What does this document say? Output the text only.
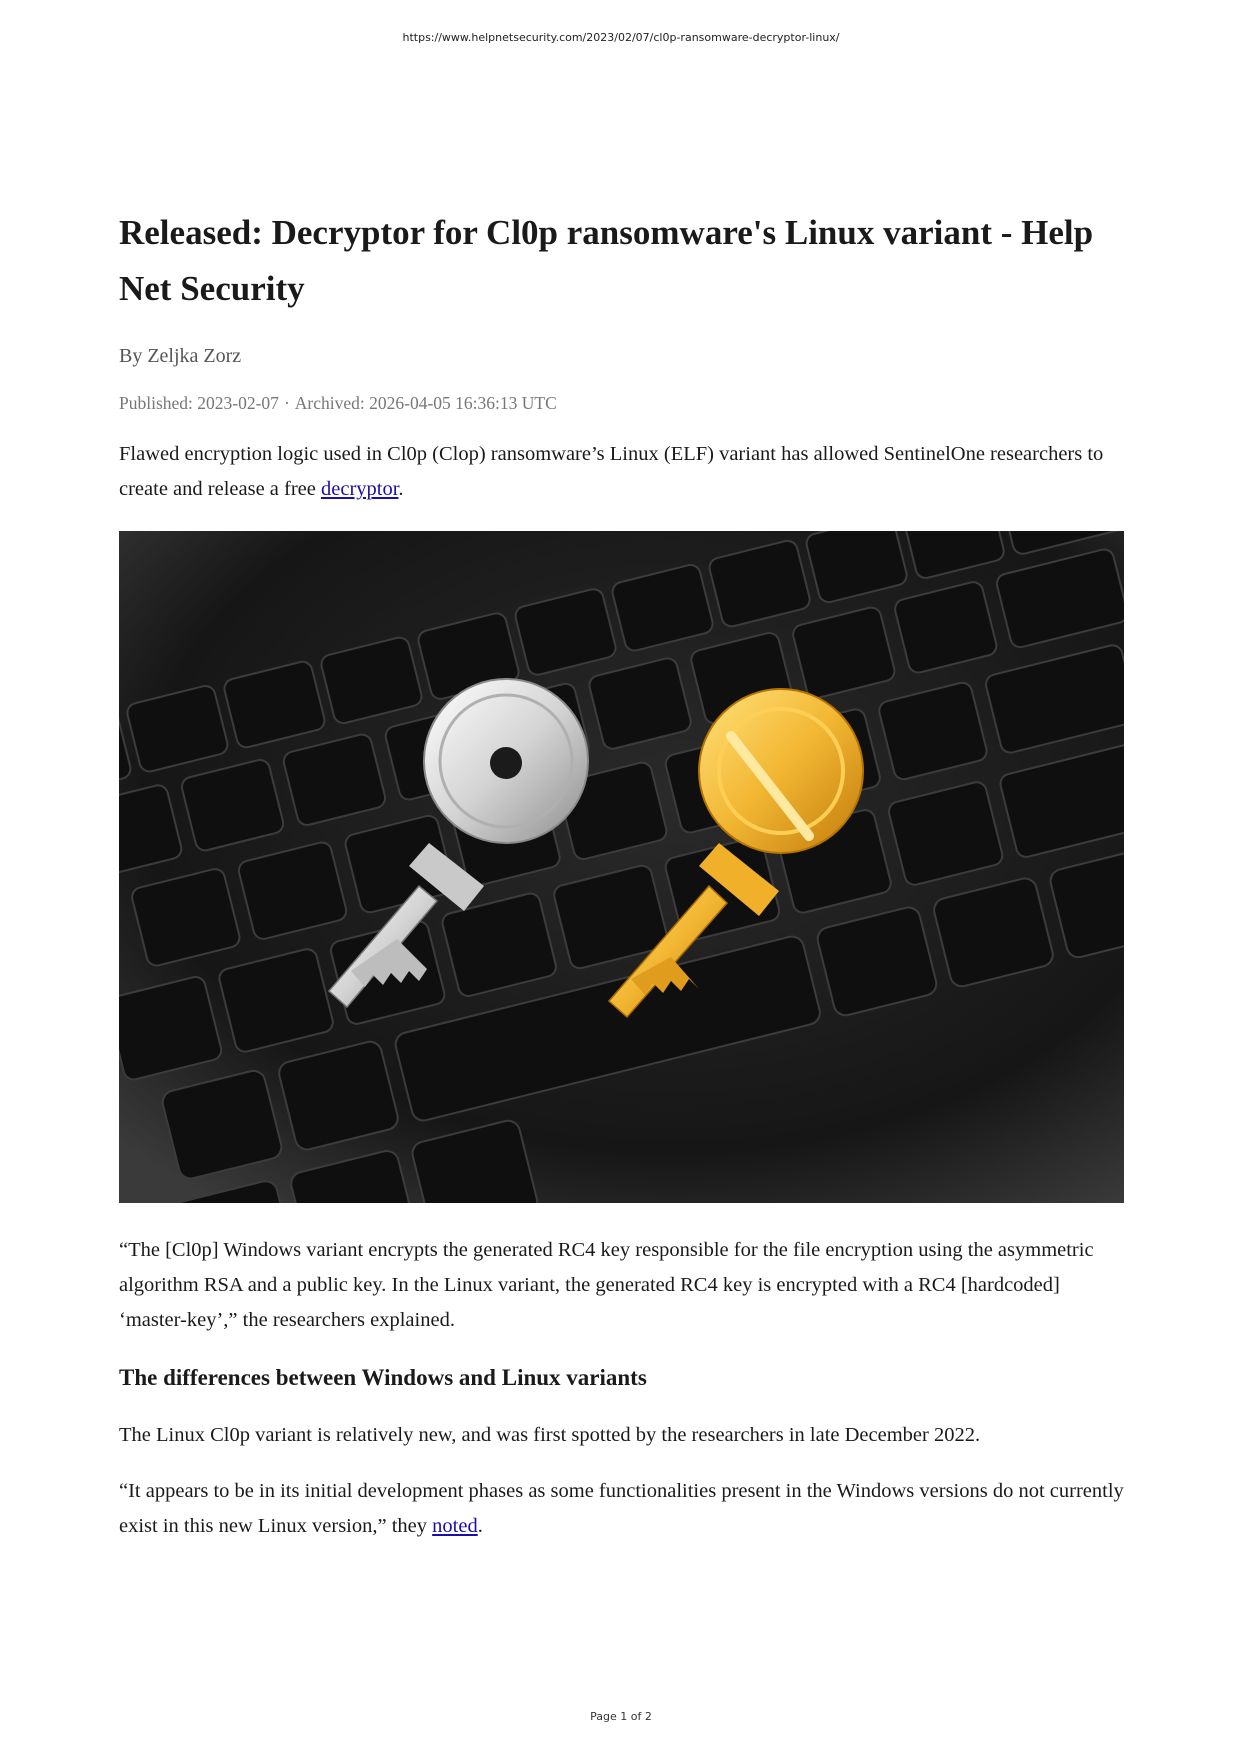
https://www.helpnetsecurity.com/2023/02/07/cl0p-ransomware-decryptor-linux/
Released: Decryptor for Cl0p ransomware's Linux variant - Help Net Security
By Zeljka Zorz
Published: 2023-02-07 · Archived: 2026-04-05 16:36:13 UTC

Flawed encryption logic used in Cl0p (Clop) ransomware’s Linux (ELF) variant has allowed SentinelOne researchers to create and release a free decryptor.

“The [Cl0p] Windows variant encrypts the generated RC4 key responsible for the file encryption using the asymmetric algorithm RSA and a public key. In the Linux variant, the generated RC4 key is encrypted with a RC4 [hardcoded] ‘master-key’,” the researchers explained.

The differences between Windows and Linux variants

The Linux Cl0p variant is relatively new, and was first spotted by the researchers in late December 2022.

“It appears to be in its initial development phases as some functionalities present in the Windows versions do not currently exist in this new Linux version,” they noted.

Page 1 of 2
